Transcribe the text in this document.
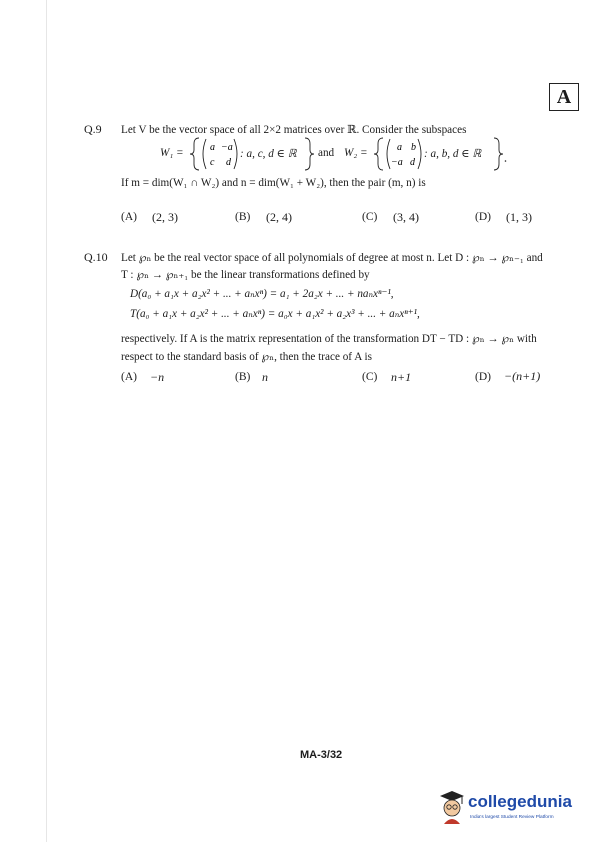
A
Q.9 Let V be the vector space of all 2×2 matrices over ℝ. Consider the subspaces
W₁ =	a −a
c d
: a, c, d ∈ ℝ and W₂ =	a b
−a d
: a, b, d ∈ ℝ
If m = dim(W₁ ∩ W₂) and n = dim(W₁ + W₂), then the pair (m, n) is
(A) (2, 3)	(B) (2, 4)	(C) (3, 4)	(D) (1, 3)
Q.10 Let ℘ₙ be the real vector space of all polynomials of degree at most n. Let D : ℘ₙ → ℘ₙ₋₁ and
T : ℘ₙ → ℘ₙ₊₁ be the linear transformations defined by
D(a₀ + a₁x + a₂x² + ... + aₙxⁿ) = a₁ + 2a₂x + ... + naₙxⁿ⁻¹,
T(a₀ + a₁x + a₂x² + ... + aₙxⁿ) = a₀x + a₁x² + a₂x³ + ... + aₙxⁿ⁺¹,
respectively. If A is the matrix representation of the transformation DT − TD : ℘ₙ → ℘ₙ with
respect to the standard basis of ℘ₙ, then the trace of A is
(A) −n	(B) n	(C) n+1	(D) −(n+1)
MA-3/32
collegedunia
India's largest Student Review Platform
